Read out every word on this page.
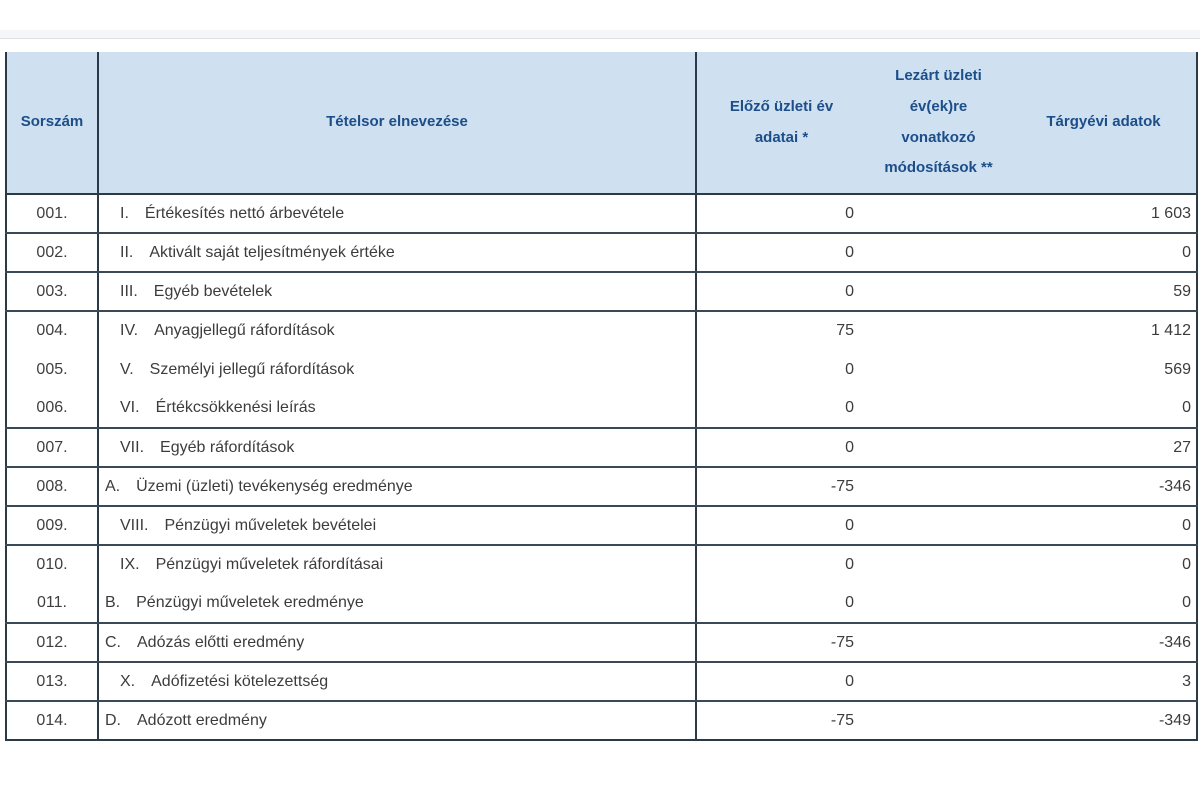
Sorszám	Tételsor elnevezése	Előző üzleti év adatai *	Lezárt üzleti év(ek)re vonatkozó módosítások **	Tárgyévi adatok
001.	I. Értékesítés nettó árbevétele	0		1 603
002.	II. Aktivált saját teljesítmények értéke	0		0
003.	III. Egyéb bevételek	0		59
004.	IV. Anyagjellegű ráfordítások	75		1 412
005.	V. Személyi jellegű ráfordítások	0		569
006.	VI. Értékcsökkenési leírás	0		0
007.	VII. Egyéb ráfordítások	0		27
008.	A. Üzemi (üzleti) tevékenység eredménye	-75		-346
009.	VIII. Pénzügyi műveletek bevételei	0		0
010.	IX. Pénzügyi műveletek ráfordításai	0		0
011.	B. Pénzügyi műveletek eredménye	0		0
012.	C. Adózás előtti eredmény	-75		-346
013.	X. Adófizetési kötelezettség	0		3
014.	D. Adózott eredmény	-75		-349
